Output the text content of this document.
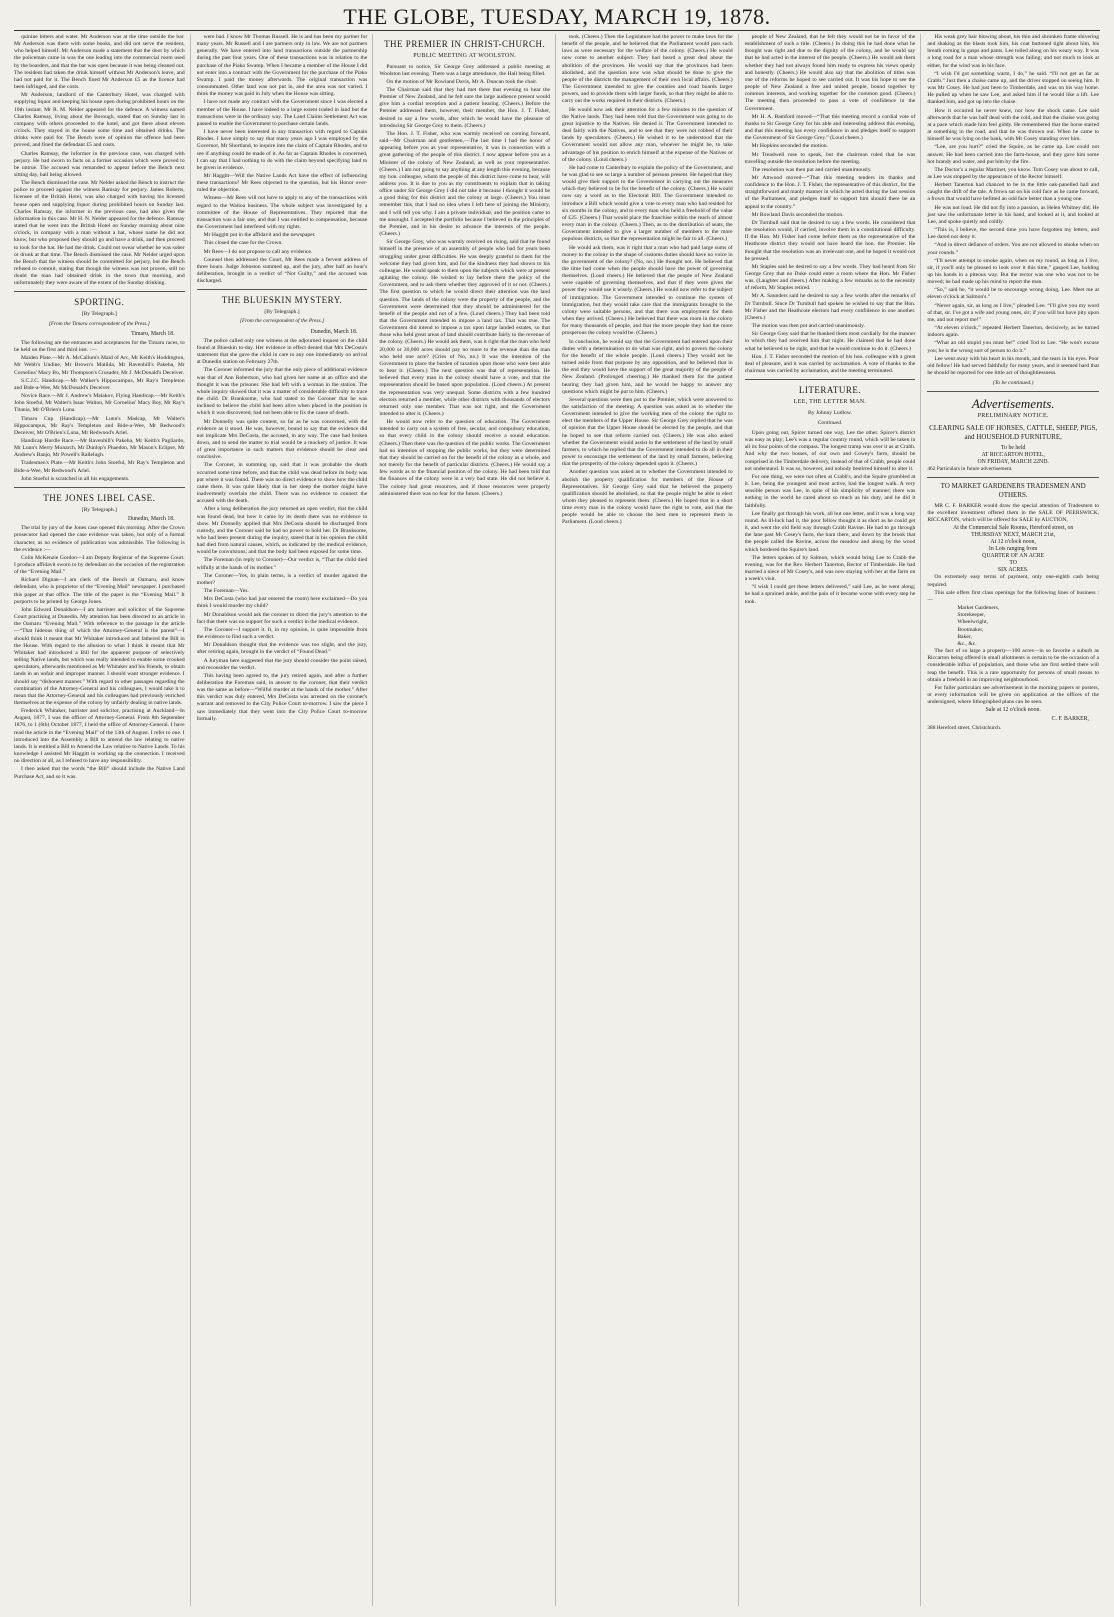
THE GLOBE, TUESDAY, MARCH 19, 1878.

quinine bitters and water. Mr Anderson was at the time outside the bar. Mr Anderson was there with some books, and did not serve the resident, who helped himself. Mr Anderson made a statement that the door by which the policeman came in was the one leading into the commercial room used by the boarders, and that the bar was open because it was being cleaned out. The resident had taken the drink himself without Mr Anderson's leave, and had not paid for it. The Bench fined Mr Anderson £5 as the licence had been infringed, and the costs.

Mr Anderson, landlord of the Canterbury Hotel, was charged with supplying liquor and keeping his house open during prohibited hours on the 10th instant. Mr R. M. Nelder appeared for the defence. A witness named Charles Ramsay, living about the Borough, stated that on Sunday last in company with others proceeded to the hotel, and got there about eleven o'clock. They stayed in the house some time and obtained drinks. The drinks were paid for. The Bench were of opinion the offence had been proved, and fined the defendant £5 and costs.

Charles Ramsay, the informer in the previous case, was charged with perjury. He had sworn to facts on a former occasion which were proved to be untrue. The accused was remanded to appear before the Bench next sitting day, bail being allowed.

The Bench dismissed the case. Mr Nelder asked the Bench to instruct the police to proceed against the witness Ramsay for perjury. James Roberts, licensee of the British Hotel, was also charged with having his licensed house open and supplying liquor during prohibited hours on Sunday last. Charles Ramsay, the informer in the previous case, had also given the information in this case. Mr H. N. Nelder appeared for the defence. Ramsay stated that he went into the British Hotel on Sunday morning about nine o'clock, in company with a man without a hat, whose name he did not know, but who proposed they should go and have a drink, and then proceed to look for the hat. He had the drink. Could not swear whether he was sober or drunk at that time. The Bench dismissed the case. Mr Nelder urged upon the Bench that the witness should be committed for perjury, but the Bench refused to commit, stating that though the witness was not proven, still no doubt the man had obtained drink in the town that morning, and unfortunately they were aware of the extent of the Sunday drinking.

SPORTING.
[By Telegraph.]
[From the Timaru correspondent of the Press.]
Timaru, March 18.

The following are the entrances and acceptances for the Timaru races, to be held on the first and third inst. :—

Maiden Plate.—Mr A. McCallum's Maid of Arc, Mr Keith's Hoddington, Mr Webb's Undine, Mr Brown's Matilda, Mr Ravenhill's Pakeha, Mr Cornelius' Macy Bo, Mr Thompson's Crusader, Mr J. McDonald's Deceiver.

S.C.J.C. Handicap.—Mr Walker's Hippocampus, Mr Ray's Templeton and Bide-a-Wee, Mr McDonald's Deceiver.

Novice Race.—Mr J. Andrew's Malakov, Flying Handicap.—Mr Keith's John Stoeful, Mr Walter's Isaac Walton, Mr Cornelius' Macy Boy, Mr Ray's Titania, Mr O'Brien's Luna.

Timaru Cup (Handicap).—Mr Lunn's Madcap, Mr Walter's Hippocampus, Mr Ray's Templeton and Bide-a-Wee, Mr Redwood's Deceiver, Mr O'Brien's Luna, Mr Redwood's Ariel.

Handicap Hurdle Race.—Mr Ravenhill's Pakeha, Mr Keith's Pagliardo, Mr Lunn's Merry Monarch, Mr Dunlop's Phaedon, Mr Mason's Eclipse, Mr Andrew's Banjo, Mr Powell's Rallelugh.

Tradesmen's Plate.—Mr Keith's John Stoeful, Mr Ray's Templeton and Bide-a-Wee, Mr Redwood's Ariel.

John Stoeful is scratched in all his engagements.

THE JONES LIBEL CASE.
[By Telegraph.]
Dunedin, March 18.

The trial by jury of the Jones case opened this morning. After the Crown prosecutor had opened the case evidence was taken, but only of a formal character, as no evidence of publication was admissible. The following is the evidence :—

Colin McKenzie Gordon—I am Deputy Registrar of the Supreme Court. I produce affidavit sworn to by defendant on the occasion of the registration of the “Evening Mail.”

Richard Dignan—I am clerk of the Bench at Oamaru, and know defendant, who is proprietor of the “Evening Mail” newspaper. I purchased this paper at that office. The title of the paper is the “Evening Mail.” It purports to be printed by George Jones.

John Edward Donaldson—I am barrister and solicitor of the Supreme Court practising at Dunedin. My attention has been directed to an article in the Oamaru “Evening Mail.” With reference to the passage in the article—“That hideous thing of which the Attorney-General is the parent”—I should think it meant that Mr Whitaker introduced and fathered the Bill in the House. With regard to the allusion to what I think it meant that Mr Whitaker had introduced a Bill for the apparent purpose of selectively selling Native lands, but which was really intended to enable some crooked speculators, afterwards mentioned as Mr Whitaker and his friends, to obtain lands in an unfair and improper manner. I should want stronger evidence. I should say “dishonest manner.” With regard to other passages regarding the combination of the Attorney-General and his colleagues, I would take it to mean that the Attorney-General and his colleagues had previously enriched themselves at the expense of the colony by unfairly dealing in native lands.

Frederick Whitaker, barrister and solicitor, practising at Auckland—In August, 1877, I was the officer of Attorney-General. From 8th September 1876, to 1 (6th) October 1877, I held the office of Attorney-General. I have read the article in the “Evening Mail” of the 13th of August. I refer to one. I introduced into the Assembly a Bill to amend the law relating to native lands. It is entitled a Bill to Amend the Law relative to Native Lands. To his knowledge I assisted Mr Haggitt in working up the connection. I received no direction at all, as I refused to have any responsibility.

I then asked that the words “the Bill” should include the Native Land Purchase Act, and so it was.

were bad. I know Mr Thomas Russell. He is and has been my partner for many years. Mr Russell and I are partners only in law. We are not partners generally. We have entered into land transactions outside the partnership during the past four years. One of these transactions was in relation to the purchase of the Piako Swamp. When I became a member of the House I did not enter into a contract with the Government for the purchase of the Piako Swamp. I paid the money afterwards. The original transaction was consummated. Other land was not put in, and the area was not varied. I think the money was paid in July when the House was sitting.

I have not made any contract with the Government since I was elected a member of the House. I have indeed to a large extent traded in land but the transactions were in the ordinary way. The Land Claims Settlement Act was passed to enable the Government to purchase certain lands.

I have never been interested in any transaction with regard to Captain Rhodes. I have simply to say that many years ago I was employed by the Governor, Mr Shortland, to inquire into the claim of Captain Rhodes, and to see if anything could be made of it. As far as Captain Rhodes is concerned, I can say that I had nothing to do with the claim beyond specifying land to be given in evidence.

Mr Haggitt—Will the Native Lands Act have the effect of influencing these transactions? Mr Rees objected to the question, but his Honor over-ruled the objection.

Witness—Mr Rees will not have to apply to any of the transactions with regard to the Waitoa business. The whole subject was investigated by a committee of the House of Representatives. They reported that the transaction was a fair one, and that I was entitled to compensation, because the Government had interfered with my rights.

Mr Haggitt put in the affidavit and the newspaper.

This closed the case for the Crown.

Mr Rees—I do not propose to call any evidence.

Counsel then addressed the Court, Mr Rees made a fervent address of three hours. Judge Johnston summed up, and the jury, after half an hour's deliberation, brought in a verdict of “Not Guilty,” and the accused was discharged.

THE BLUESKIN MYSTERY.
[By Telegraph.]
[From the correspondent of the Press.]
Dunedin, March 18.

The police called only one witness at the adjourned inquest on the child found at Blueskin to-day. Her evidence in effect denied that Mrs DeCosta's statement that she gave the child in care to any one immediately on arrival at Dunedin station on February 27th.

The Coroner informed the jury that the only piece of additional evidence was that of Ann Robertson, who had given her name at an office and she thought it was the prisoner. She had left with a woman in the station. The whole inquiry showed that it was a matter of considerable difficulty to trace the child. Dr Branksome, who had stated to the Coroner that he was inclined to believe the child had been alive when placed in the position in which it was discovered, had not been able to fix the cause of death.

Mr Donnelly was quite content, so far as he was concerned, with the evidence as it stood. He was, however, bound to say that the evidence did not implicate Mrs DeCosta, the accused, in any way. The case had broken down, and to send the matter to trial would be a mockery of justice. It was of great importance in such matters that evidence should be clear and conclusive.

The Coroner, in summing up, said that it was probable the death occurred some time before, and that the child was dead before its body was put where it was found. There was no direct evidence to show how the child came there. It was quite likely that in her sleep the mother might have inadvertently overlain the child. There was no evidence to connect the accused with the death.

After a long deliberation the jury returned an open verdict, that the child was found dead, but how it came by its death there was no evidence to show. Mr Donnelly applied that Mrs DeCosta should be discharged from custody, and the Coroner said he had no power to hold her. Dr Branksome, who had been present during the inquiry, stated that in his opinion the child had died from natural causes, which, as indicated by the medical evidence, would be convulsions; and that the body had been exposed for some time.

The Foreman (in reply to Coroner)—Our verdict is, “That the child died wilfully at the hands of its mother.”

The Coroner—Yes, in plain terms, is a verdict of murder against the mother?

The Foreman—Yes.

Mrs DeCosta (who had just entered the room) here exclaimed—Do you think I would murder my child?

Mr Donaldson would ask the coroner to direct the jury’s attention to the fact that there was no support for such a verdict in the medical evidence.

The Coroner—I support it. It, in my opinion, is quite impossible from the evidence to find such a verdict.

Mr Donaldson thought that the evidence was too slight, and the jury, after retiring again, brought in the verdict of “Found Dead.”

A Juryman here suggested that the jury should consider the point raised, and reconsider the verdict.

This having been agreed to, the jury retired again, and after a further deliberation the Foreman said, in answer to the coroner, that their verdict was the same as before—“Wilful murder at the hands of the mother.” After this verdict was duly entered, Mrs DeCosta was arrested on the coroner's warrant and removed to the City Police Court to-morrow. I saw the piece I saw immediately that they went into the City Police Court to-morrow formally.

THE PREMIER IN CHRIST-CHURCH.
PUBLIC MEETING AT WOOLSTON.

Pursuant to notice, Sir George Grey addressed a public meeting at Woolston last evening. There was a large attendance, the Hall being filled.

On the motion of Mr Rowland Davis, Mr A. Duncan took the chair.

The Chairman said that they had met there that evening to hear the Premier of New Zealand, and he felt sure the large audience present would give him a cordial reception and a patient hearing. (Cheers.) Before the Premier addressed them, however, their member, the Hon. J. T. Fisher, desired to say a few words, after which he would have the pleasure of introducing Sir George Grey to them. (Cheers.)

The Hon. J. T. Fisher, who was warmly received on coming forward, said—Mr Chairman and gentlemen,—The last time I had the honor of appearing before you as your representative, it was in connection with a great gathering of the people of this district. I now appear before you as a Minister of the colony of New Zealand, as well as your representative. (Cheers.) I am not going to say anything at any length this evening, because my hon. colleague, whom the people of this district have come to hear, will address you. It is due to you as my constituents to explain that in taking office under Sir George Grey I did not take it because I thought it would be a good thing for this district and the colony at large. (Cheers.) You must remember this, that I had no idea when I left here of joining the Ministry, and I will tell you why. I am a private individual, and the position came to me unsought. I accepted the portfolio because I believed in the principles of the Premier, and in his desire to advance the interests of the people. (Cheers.)

Sir George Grey, who was warmly received on rising, said that he found himself in the presence of an assembly of people who had for years been struggling under great difficulties. He was deeply grateful to them for the welcome they had given him, and for the kindness they had shown to his colleague. He would speak to them upon the subjects which were at present agitating the colony. He wished to lay before them the policy of the Government, and to ask them whether they approved of it or not. (Cheers.) The first question to which he would direct their attention was the land question. The lands of the colony were the property of the people, and the Government were determined that they should be administered for the benefit of the people and not of a few. (Loud cheers.) They had been told that the Government intended to impose a land tax. That was true. The Government did intend to impose a tax upon large landed estates, so that those who held great areas of land should contribute fairly to the revenue of the colony. (Cheers.) He would ask them, was it right that the man who held 20,000 or 30,000 acres should pay no more to the revenue than the man who held one acre? (Cries of No, no.) It was the intention of the Government to place the burden of taxation upon those who were best able to bear it. (Cheers.) The next question was that of representation. He believed that every man in the colony should have a vote, and that the representation should be based upon population. (Loud cheers.) At present the representation was very unequal. Some districts with a few hundred electors returned a member, while other districts with thousands of electors returned only one member. That was not right, and the Government intended to alter it. (Cheers.)

He would now refer to the question of education. The Government intended to carry out a system of free, secular, and compulsory education, so that every child in the colony should receive a sound education. (Cheers.) Then there was the question of the public works. The Government had no intention of stopping the public works, but they were determined that they should be carried on for the benefit of the colony as a whole, and not merely for the benefit of particular districts. (Cheers.) He would say a few words as to the financial position of the colony. He had been told that the finances of the colony were in a very bad state. He did not believe it. The colony had great resources, and if those resources were properly administered there was no fear for the future. (Cheers.)

took. (Cheers.) Then the Legislature had the power to make laws for the benefit of the people, and he believed that the Parliament would pass such laws as were necessary for the welfare of the colony. (Cheers.) He would now come to another subject. They had heard a great deal about the abolition of the provinces. He would say that the provinces had been abolished, and the question now was what should be done to give the people of the districts the management of their own local affairs. (Cheers.) The Government intended to give the counties and road boards larger powers, and to provide them with larger funds, so that they might be able to carry out the works required in their districts. (Cheers.)

He would now ask their attention for a few minutes to the question of the Native lands. They had been told that the Government was going to do great injustice to the Natives. He denied it. The Government intended to deal fairly with the Natives, and to see that they were not robbed of their lands by speculators. (Cheers.) He wished it to be understood that the Government would not allow any man, whoever he might be, to take advantage of his position to enrich himself at the expense of the Natives or of the colony. (Loud cheers.)

He had come to Canterbury to explain the policy of the Government, and he was glad to see so large a number of persons present. He hoped that they would give their support to the Government in carrying out the measures which they believed to be for the benefit of the colony. (Cheers.) He would now say a word as to the Electoral Bill. The Government intended to introduce a Bill which would give a vote to every man who had resided for six months in the colony, and to every man who held a freehold of the value of £25. (Cheers.) That would place the franchise within the reach of almost every man in the colony. (Cheers.) Then, as to the distribution of seats, the Government intended to give a larger number of members to the more populous districts, so that the representation might be fair to all. (Cheers.)

He would ask them, was it right that a man who had paid large sums of money to the colony in the shape of customs duties should have no voice in the government of the colony? (No, no.) He thought not. He believed that the time had come when the people should have the power of governing themselves. (Loud cheers.) He believed that the people of New Zealand were capable of governing themselves, and that if they were given the power they would use it wisely. (Cheers.) He would now refer to the subject of immigration. The Government intended to continue the system of immigration, but they would take care that the immigrants brought to the colony were suitable persons, and that there was employment for them when they arrived. (Cheers.) He believed that there was room in the colony for many thousands of people, and that the more people they had the more prosperous the colony would be. (Cheers.)

In conclusion, he would say that the Government had entered upon their duties with a determination to do what was right, and to govern the colony for the benefit of the whole people. (Loud cheers.) They would not be turned aside from that purpose by any opposition, and he believed that in the end they would have the support of the great majority of the people of New Zealand. (Prolonged cheering.) He thanked them for the patient hearing they had given him, and he would be happy to answer any questions which might be put to him. (Cheers.)

Several questions were then put to the Premier, which were answered to the satisfaction of the meeting. A question was asked as to whether the Government intended to give the working men of the colony the right to elect the members of the Upper House. Sir George Grey replied that he was of opinion that the Upper House should be elected by the people, and that he hoped to see that reform carried out. (Cheers.) He was also asked whether the Government would assist in the settlement of the land by small farmers, to which he replied that the Government intended to do all in their power to encourage the settlement of the land by small farmers, believing that the prosperity of the colony depended upon it. (Cheers.)

Another question was asked as to whether the Government intended to abolish the property qualification for members of the House of Representatives. Sir George Grey said that he believed the property qualification should be abolished, so that the people might be able to elect whom they pleased to represent them. (Cheers.) He hoped that in a short time every man in the colony would have the right to vote, and that the people would be able to choose the best men to represent them in Parliament. (Loud cheers.)

people of New Zealand, that he felt they would not be in favor of the establishment of such a title. (Cheers.) In doing this he had done what he thought was right and due to the dignity of the colony, and he would say that he had acted in the interest of the people. (Cheers.) He would ask them whether they had not always found him ready to express his views openly and honestly. (Cheers.) He would also say that the abolition of titles was one of the reforms he hoped to see carried out. It was his hope to see the people of New Zealand a free and united people, bound together by common interests, and working together for the common good. (Cheers.) The meeting then proceeded to pass a vote of confidence in the Government.

Mr H. A. Bamford moved—“That this meeting record a cordial vote of thanks to Sir George Grey for his able and interesting address this evening, and that this meeting has every confidence in and pledges itself to support the Government of Sir George Grey.” (Loud cheers.)

Mr Hopkins seconded the motion.

Mr Treadwell rose to speak, but the chairman ruled that he was travelling outside the resolution before the meeting.

The resolution was then put and carried unanimously.

Mr Attwood moved—“That this meeting tenders its thanks and confidence to the Hon. J. T. Fisher, the representative of this district, for the straightforward and manly manner in which he acted during the last session of the Parliament, and pledges itself to support him should there be an appeal to the country.”

Mr Rowland Davis seconded the motion.

Dr Turnbull said that he desired to say a few words. He considered that the resolution would, if carried, involve them in a constitutional difficulty. If the Hon. Mr Fisher had come before them as the representative of the Heathcote district they would not have heard the hon. the Premier. He thought that the resolution was an irrelevant one, and he hoped it would not be pressed.

Mr Staples said he desired to say a few words. They had heard from Sir George Grey that no Duke could enter a room where the Hon. Mr Fisher was. (Laughter and cheers.) After making a few remarks as to the necessity of reform, Mr Staples retired.

Mr A. Saunders said he desired to say a few words after the remarks of Dr Turnbull. Since Dr Turnbull had spoken he wished to say that the Hon. Mr Fisher and the Heathcote electors had every confidence in one another. (Cheers.)

The motion was then put and carried unanimously.

Sir George Grey said that he thanked them most cordially for the manner in which they had received him that night. He claimed that he had done what he believed to be right, and that he would continue to do it. (Cheers.)

Hon. J. T. Fisher seconded the motion of his hon. colleague with a great deal of pleasure, and it was carried by acclamation. A vote of thanks to the chairman was carried by acclamation, and the meeting terminated.

LITERATURE.
LEE, THE LETTER MAN.
By Johnny Ludlow.
Continued.

Upon going out, Spicer turned one way, Lee the other. Spicer's district was easy as play; Lee's was a regular country round, which will be taken in all its four points of the compass. The longest tramp was over it as at Crabb. And why the two bosses, of our own and Cowey's farm, should be comprised in the Timberdale delivery, instead of that of Crabb, people could not understand. It was so, however, and nobody bestirred himself to alter it.

For one thing, we were not often at Crabb's, and the Squire grumbled at it. Lee, being the youngest and most active, had the longest walk. A very sensible person was Lee, in spite of his simplicity of manner; there was nothing in the world he cared about so much as his duty, and he did it faithfully.

Lee finally got through his work, all but one letter, and it was a long way round. As ill-luck had it, the poor fellow thought it as short as he could get it, and went the old field way through Crabb Ravine. He had to go through the lane past Mr Cosey's farm, the barn there, and down by the brook that the people called the Ravine, across the meadow and along by the wood which bordered the Squire's land.

The letters spoken of by Salmon, which would bring Lee to Crabb the evening, was for the Rev. Herbert Tanerton, Rector of Timberdale. He had married a niece of Mr Cosey's, and was now staying with her at the farm on a week's visit.

“I wish I could get these letters delivered,” said Lee, as he went along; he had a sprained ankle, and the pain of it became worse with every step he took.

His weak grey hair blowing about, his thin and shrunken frame shivering and shaking as the blasts took him, his coat buttoned tight about him, his breath coming in gasps and pants. Lee toiled along on his weary way. It was a long road for a man whose strength was failing; and not much to look at either, for the wind was in his face.

“I wish I'd got something warm, I do,” he said. “I'll not get as far as Crabb.” Just then a chaise came up, and the driver stopped on seeing him. It was Mr Cosey. He had just been to Timberdale, and was on his way home. He pulled up when he saw Lee, and asked him if he would like a lift. Lee thanked him, and got up into the chaise.

How it occurred he never knew, nor how the shock came. Lee said afterwards that he was half dead with the cold, and that the chaise was going at a pace which made him feel giddy. He remembered that the horse started at something in the road, and that he was thrown out. When he came to himself he was lying on the bank, with Mr Cosey standing over him.

“Lee, are you hurt?” cried the Squire, as he came up. Lee could not answer. He had been carried into the farm-house, and they gave him some hot brandy and water, and put him by the fire.

The Doctor's a regular Martinet, you know. Tom Cosey was about to call, as Lee was stopped by the appearance of the Rector himself.

Herbert Tanerton had chanced to be in the little oak-panelled hall and caught the drift of the tale. A frown sat on his cold face as he came forward, a frown that would have befitted an odd face better than a young one.

He was not loud. He did not fly into a passion, as Helen Whitney did. He just saw the unfortunate letter in his hand, and looked at it, and looked at Lee, and spoke quietly and coldly.

“This is, I believe, the second time you have forgotten my letters, and Lee dared not deny it.

“And in direct defiance of orders. You are not allowed to smoke when on your rounds.”

“I'll never attempt to smoke again, when on my round, as long as I live, sir, if you'll only be pleased to look over it this time,” gasped Lee, holding up his hands in a piteous way. But the rector was one who was not to be moved; he had made up his mind to report the man.

“So,” said he, “it would be to encourage wrong doing, Lee. Meet me at eleven o'clock at Salmon's.”

“Never again, sir, as long as I live,” pleaded Lee. “I'll give you my word of that, sir. I've got a wife and young ones, sir; if you will but have pity upon me, and not report me!”

“At eleven o'clock,” repeated Herbert Tanerton, decisively, as he turned indoors again.

“What an old stupid you must be!” cried Tod to Lee. “He won't excuse you; he is the wrong sort of person to do it.”

Lee went away with his heart in his mouth, and the tears in his eyes. Poor old fellow! He had served faithfully for many years, and it seemed hard that he should be reported for one little act of thoughtlessness.

(To be continued.)
Advertisements.
PRELIMINARY NOTICE.
CLEARING SALE OF HORSES, CATTLE, SHEEP, PIGS, and HOUSEHOLD FURNITURE,
To be held
AT RICCARTON HOTEL,
ON FRIDAY, MARCH 22ND.
462 Particulars in future advertisement.
TO MARKET GARDENERS TRADESMEN AND OTHERS.

MR C. F. BARKER would draw the special attention of Tradesmen to the excellent investment offered them in the SALE OF PEERSWICK, RICCARTON, which will be offered for SALE by AUCTION,

At the Commercial Sale Rooms, Hereford street, on
THURSDAY NEXT, MARCH 21st,
At 12 o'clock noon,
In Lots ranging from
QUARTER OF AN ACRE
TO
SIX ACRES.

On extremely easy terms of payment, only one-eighth cash being required.

This sale offers first class openings for the following lines of business :—

Market Gardeners,
Storekeeper,
Wheelwright,
Bootmaker,
Baker,
&c., &c.

The fact of so large a property—100 acres—in so favorite a suburb as Riccarton being offered in small allotments is certain to be the occasion of a considerable influx of population, and those who are first settled there will reap the benefit. This is a rare opportunity for persons of small means to obtain a freehold in an improving neighbourhood.

For fuller particulars see advertisement in the morning papers or posters, or every information will be given on application at the offices of the undersigned, where lithographed plans can be seen.

Sale at 12 o'clock noon.
C. F. BARKER,
388 Hereford street, Christchurch.
